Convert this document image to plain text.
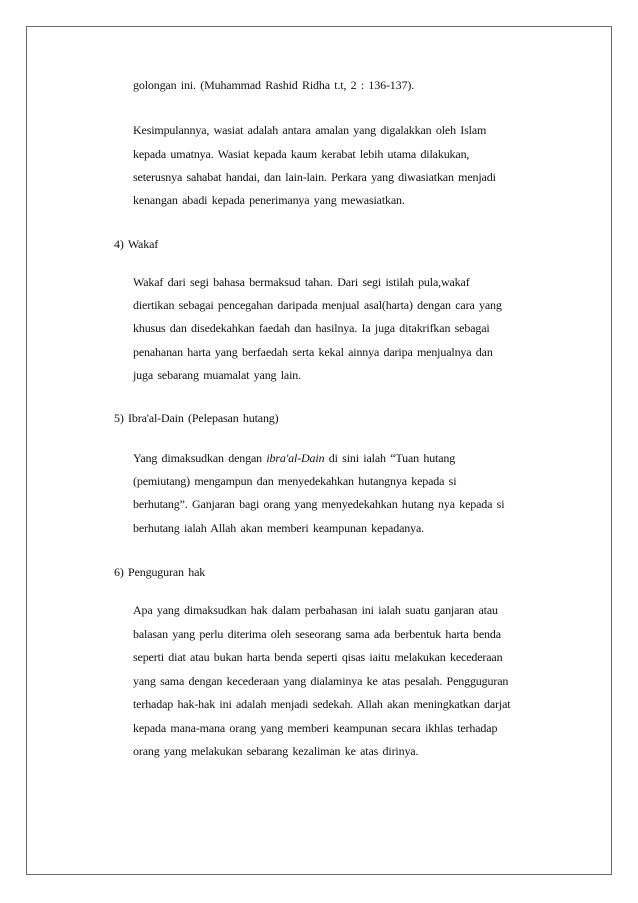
golongan ini. (Muhammad Rashid Ridha t.t, 2 : 136-137).
Kesimpulannya, wasiat adalah antara amalan yang digalakkan oleh Islam
kepada umatnya. Wasiat kepada kaum kerabat lebih utama dilakukan,
seterusnya sahabat handai, dan lain-lain. Perkara yang diwasiatkan menjadi
kenangan abadi kepada penerimanya yang mewasiatkan.
4) Wakaf
Wakaf dari segi bahasa bermaksud tahan. Dari segi istilah pula,wakaf
diertikan sebagai pencegahan daripada menjual asal(harta) dengan cara yang
khusus dan disedekahkan faedah dan hasilnya. Ia juga ditakrifkan sebagai
penahanan harta yang berfaedah serta kekal ainnya daripa menjualnya dan
juga sebarang muamalat yang lain.
5) Ibra'al-Dain (Pelepasan hutang)
Yang dimaksudkan dengan ibra'al-Dain di sini ialah “Tuan hutang
(pemiutang) mengampun dan menyedekahkan hutangnya kepada si
berhutang”. Ganjaran bagi orang yang menyedekahkan hutang nya kepada si
berhutang ialah Allah akan memberi keampunan kepadanya.
6) Penguguran hak
Apa yang dimaksudkan hak dalam perbahasan ini ialah suatu ganjaran atau
balasan yang perlu diterima oleh seseorang sama ada berbentuk harta benda
seperti diat atau bukan harta benda seperti qisas iaitu melakukan kecederaan
yang sama dengan kecederaan yang dialaminya ke atas pesalah. Pengguguran
terhadap hak-hak ini adalah menjadi sedekah. Allah akan meningkatkan darjat
kepada mana-mana orang yang memberi keampunan secara ikhlas terhadap
orang yang melakukan sebarang kezaliman ke atas dirinya.
